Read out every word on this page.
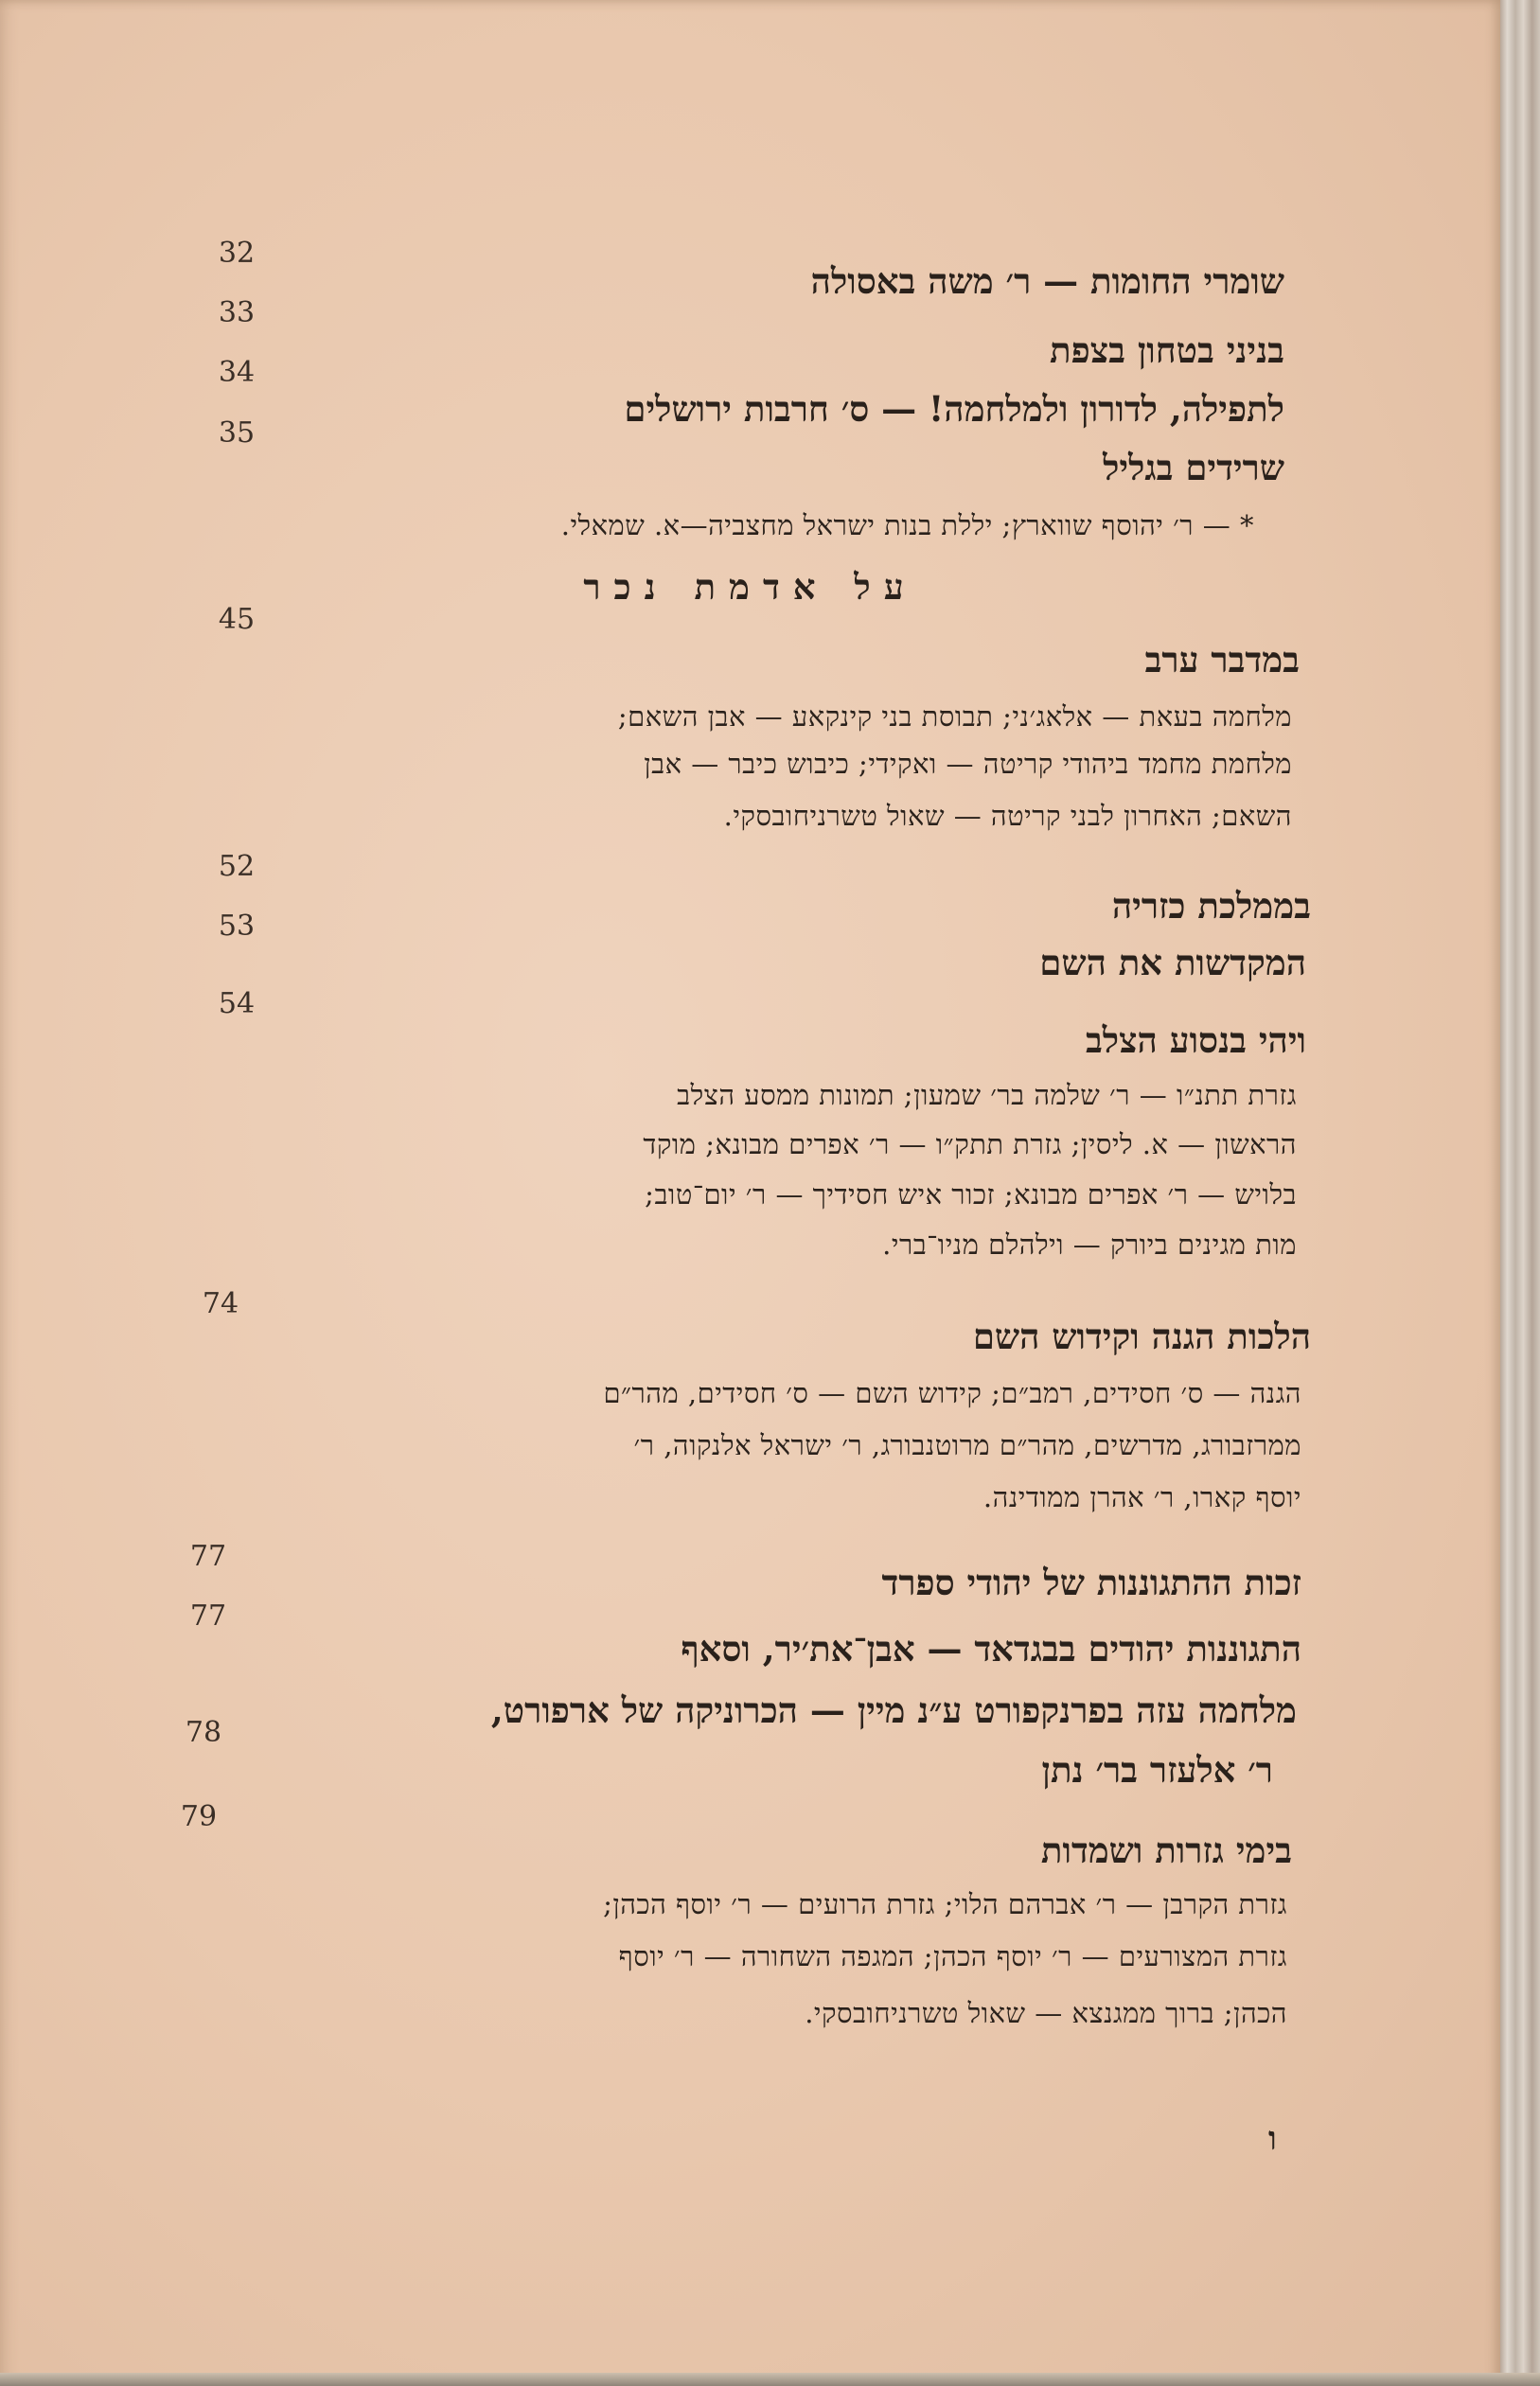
32
33
34
35
45
52
53
54
74
77
77
78
79
על אדמת נכר
שומרי החומות — ר׳ משה באסולה
בניני בטחון בצפת
לתפילה, לדורון ולמלחמה! — ס׳ חרבות ירושלים
שרידים בגליל
* — ר׳ יהוסף שווארץ; יללת בנות ישראל מחצביה—א. שמאלי.
במדבר ערב
מלחמה בעאת — אלאג׳ני; תבוסת בני קינקאע — אבן השאם;
מלחמת מחמד ביהודי קריטה — ואקידי; כיבוש כיבר — אבן
השאם; האחרון לבני קריטה — שאול טשרניחובסקי.
בממלכת כזריה
המקדשות את השם
ויהי בנסוע הצלב
גזרת תתנ״ו — ר׳ שלמה בר׳ שמעון; תמונות ממסע הצלב
הראשון — א. ליסין; גזרת תתק״ו — ר׳ אפרים מבונא; מוקד
בלויש — ר׳ אפרים מבונא; זכור איש חסידיך — ר׳ יום־טוב;
מות מגינים ביורק — וילהלם מניו־ברי.
הלכות הגנה וקידוש השם
הגנה — ס׳ חסידים, רמב״ם; קידוש השם — ס׳ חסידים, מהר״ם
ממרזבורג, מדרשים, מהר״ם מרוטנבורג, ר׳ ישראל אלנקוה, ר׳
יוסף קארו, ר׳ אהרן ממודינה.
זכות ההתגוננות של יהודי ספרד
התגוננות יהודים בבגדאד — אבן־את׳יר, וסאף
מלחמה עזה בפרנקפורט ע״נ מיין — הכרוניקה של ארפורט,
ר׳ אלעזר בר׳ נתן
בימי גזרות ושמדות
גזרת הקרבן — ר׳ אברהם הלוי; גזרת הרועים — ר׳ יוסף הכהן;
גזרת המצורעים — ר׳ יוסף הכהן; המגפה השחורה — ר׳ יוסף
הכהן; ברוך ממגנצא — שאול טשרניחובסקי.
ו
